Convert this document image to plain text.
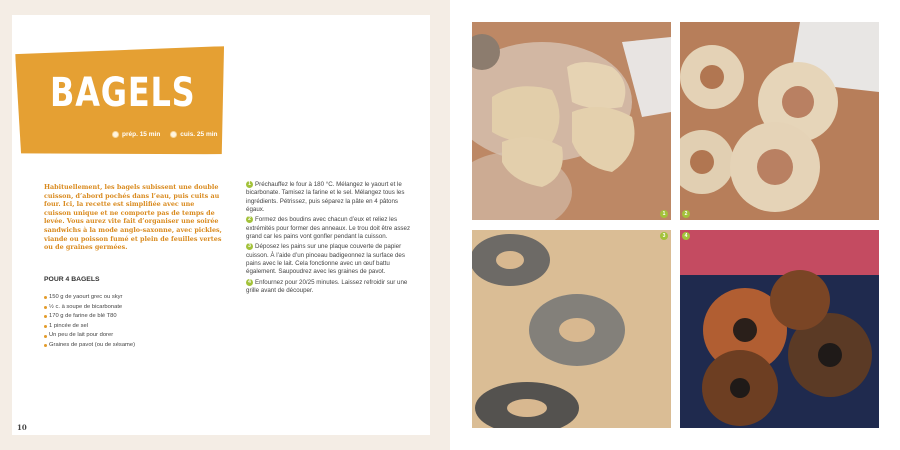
BAGELS
prép. 15 min	cuis. 25 min

Habituellement, les bagels subissent une double cuisson, d’abord pochés dans l’eau, puis cuits au four. Ici, la recette est simplifiée avec une cuisson unique et ne comporte pas de temps de levée. Vous aurez vite fait d’organiser une soirée sandwichs à la mode anglo-saxonne, avec pickles, viande ou poisson fumé et plein de feuilles vertes ou de graines germées.

POUR 4 BAGELS
150 g de yaourt grec ou skyr
½ c. à soupe de bicarbonate
170 g de farine de blé T80
1 pincée de sel
Un peu de lait pour dorer
Graines de pavot (ou de sésame)

1 Préchauffez le four à 180 °C. Mélangez le yaourt et le bicarbonate. Tamisez la farine et le sel. Mélangez tous les ingrédients. Pétrissez, puis séparez la pâte en 4 pâtons égaux.

2 Formez des boudins avec chacun d’eux et reliez les extrémités pour former des anneaux. Le trou doit être assez grand car les pains vont gonfler pendant la cuisson.

3 Déposez les pains sur une plaque couverte de papier cuisson. À l’aide d’un pinceau badigeonnez la surface des pains avec le lait. Cela fonctionne avec un œuf battu également. Saupoudrez avec les graines de pavot.

4 Enfournez pour 20/25 minutes. Laissez refroidir sur une grille avant de découper.

10
1	2
3	4
